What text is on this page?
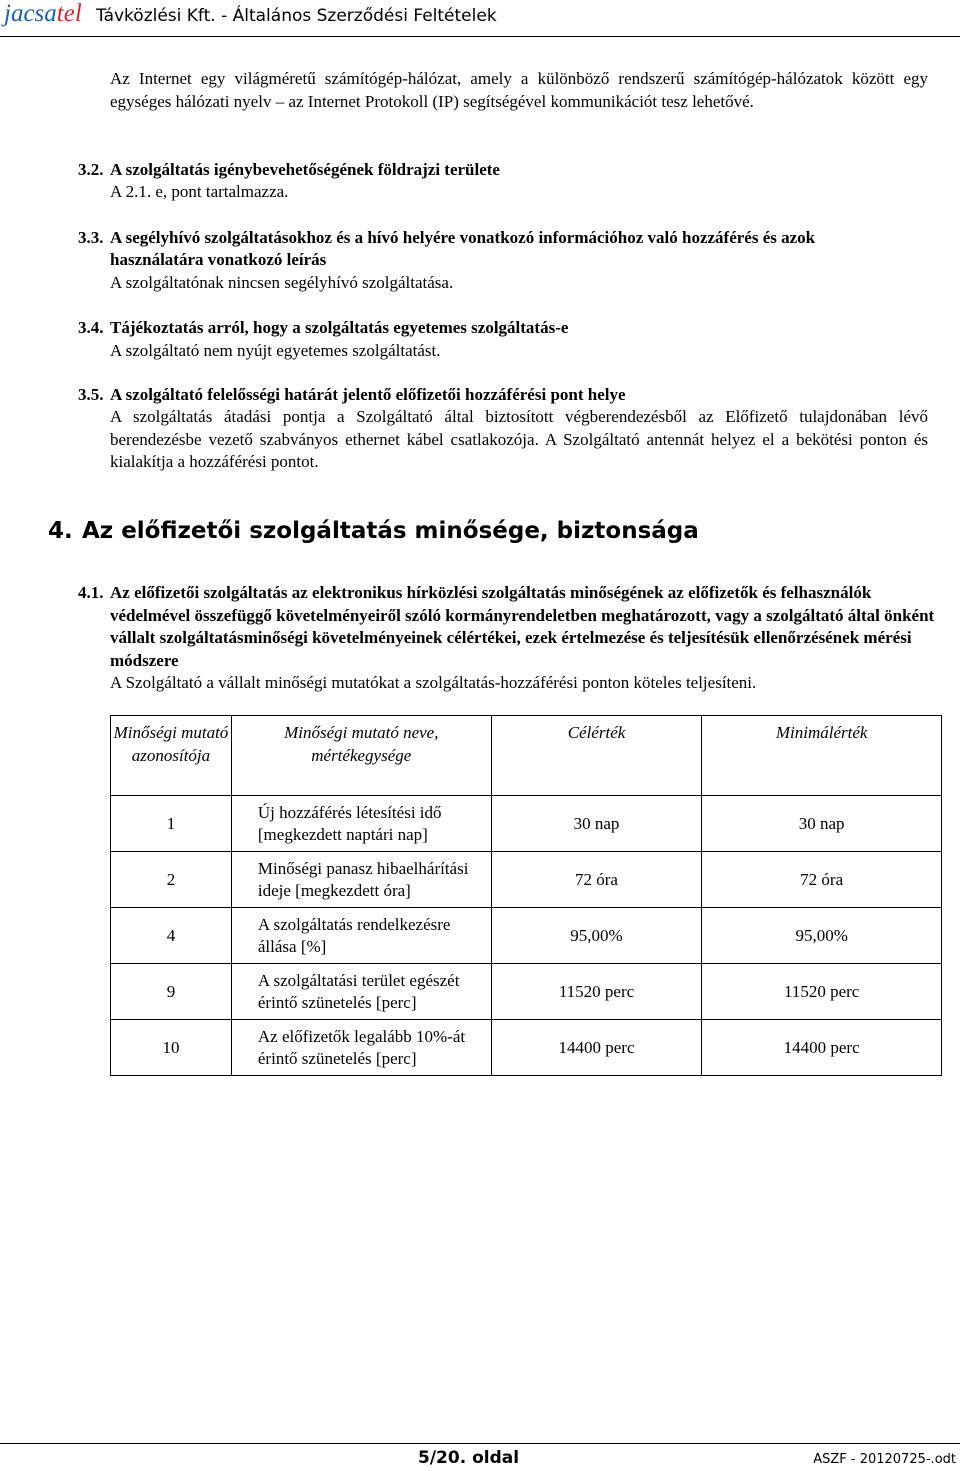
jacsatel Távközlési Kft. - Általános Szerződési Feltételek
Az Internet egy világméretű számítógép-hálózat, amely a különböző rendszerű számítógép-hálózatok között egy egységes hálózati nyelv – az Internet Protokoll (IP) segítségével kommunikációt tesz lehetővé.
3.2. A szolgáltatás igénybevehetőségének földrajzi területe
A 2.1. e, pont tartalmazza.
3.3. A segélyhívó szolgáltatásokhoz és a hívó helyére vonatkozó információhoz való hozzáférés és azok
használatára vonatkozó leírás
A szolgáltatónak nincsen segélyhívó szolgáltatása.
3.4. Tájékoztatás arról, hogy a szolgáltatás egyetemes szolgáltatás-e
A szolgáltató nem nyújt egyetemes szolgáltatást.
3.5. A szolgáltató felelősségi határát jelentő előfizetői hozzáférési pont helye
A szolgáltatás átadási pontja a Szolgáltató által biztosított végberendezésből az Előfizető tulajdonában lévő berendezésbe vezető szabványos ethernet kábel csatlakozója. A Szolgáltató antennát helyez el a bekötési ponton és kialakítja a hozzáférési pontot.
4. Az előfizetői szolgáltatás minősége, biztonsága
4.1. Az előfizetői szolgáltatás az elektronikus hírközlési szolgáltatás minőségének az előfizetők és felhasználók védelmével összefüggő követelményeiről szóló kormányrendeletben meghatározott, vagy a szolgáltató által önként vállalt szolgáltatásminőségi követelményeinek célértékei, ezek értelmezése és teljesítésük ellenőrzésének mérési módszere
A Szolgáltató a vállalt minőségi mutatókat a szolgáltatás-hozzáférési ponton köteles teljesíteni.
Minőségi mutató azonosítója	Minőségi mutató neve, mértékegysége	Célérték	Minimálérték
1	Új hozzáférés létesítési idő [megkezdett naptári nap]	30 nap	30 nap
2	Minőségi panasz hibaelhárítási ideje [megkezdett óra]	72 óra	72 óra
4	A szolgáltatás rendelkezésre állása [%]	95,00%	95,00%
9	A szolgáltatási terület egészét érintő szünetelés [perc]	11520 perc	11520 perc
10	Az előfizetők legalább 10%-át érintő szünetelés [perc]	14400 perc	14400 perc
5/20. oldal	ASZF - 20120725-.odt
